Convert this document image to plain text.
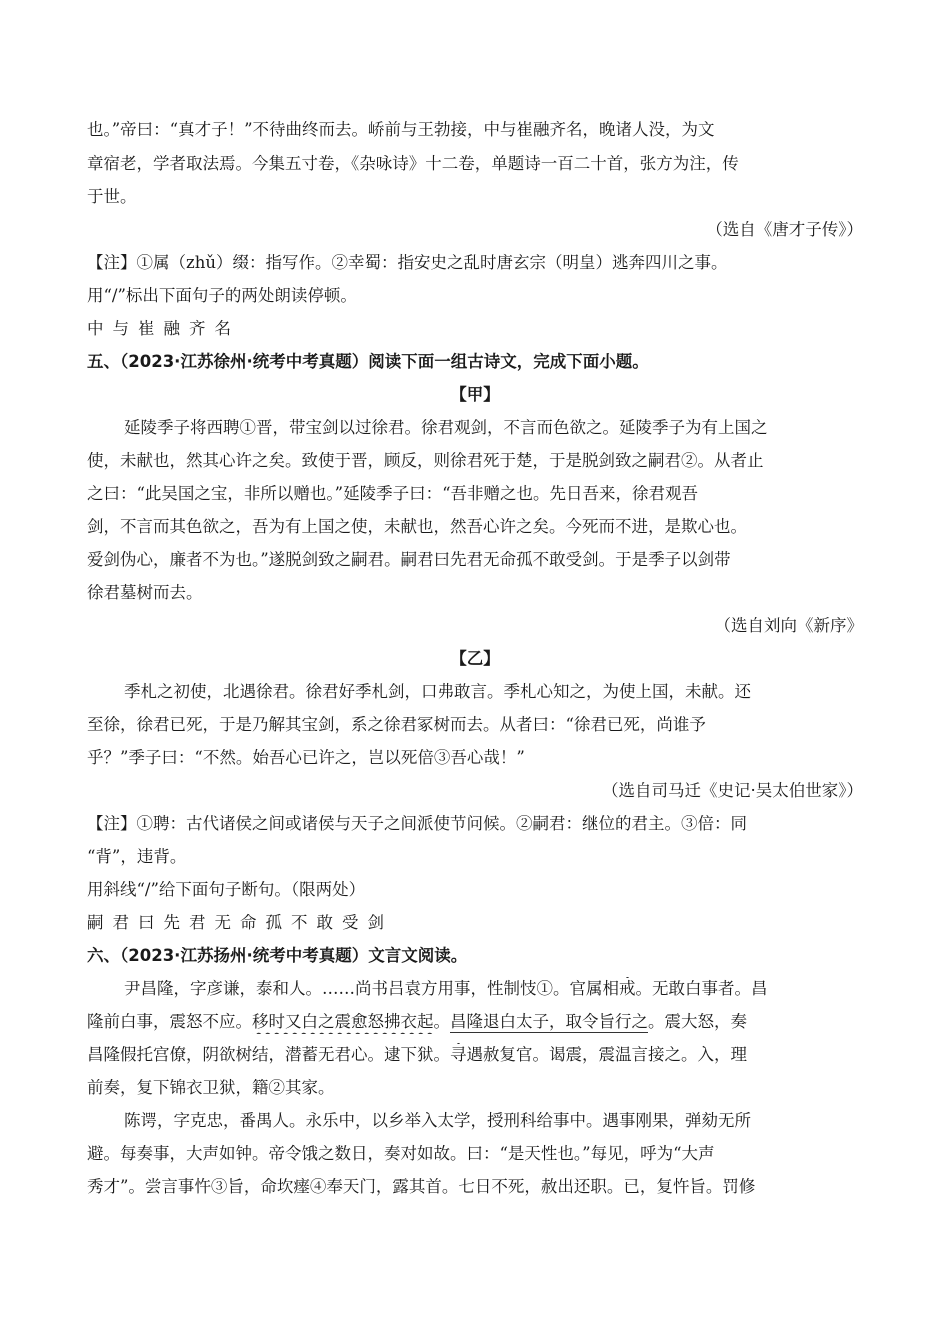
也。”帝曰：“真才子！”不待曲终而去。峤前与王勃接，中与崔融齐名，晚诸人没，为文
章宿老，学者取法焉。今集五寸卷，《杂咏诗》十二卷，单题诗一百二十首，张方为注，传
于世。
（选自《唐才子传》）
【注】①属（zhǔ）缀：指写作。②幸蜀：指安史之乱时唐玄宗（明皇）逃奔四川之事。
用“/”标出下面句子的两处朗读停顿。
中与崔融齐名
五、（2023·江苏徐州·统考中考真题）阅读下面一组古诗文，完成下面小题。
【甲】
延陵季子将西聘①晋，带宝剑以过徐君。徐君观剑，不言而色欲之。延陵季子为有上国之
使，未献也，然其心许之矣。致使于晋，顾反，则徐君死于楚，于是脱剑致之嗣君②。从者止
之曰：“此吴国之宝，非所以赠也。”延陵季子曰：“吾非赠之也。先日吾来，徐君观吾
剑，不言而其色欲之，吾为有上国之使，未献也，然吾心许之矣。今死而不进，是欺心也。
爱剑伪心，廉者不为也。”遂脱剑致之嗣君。嗣君曰先君无命孤不敢受剑。于是季子以剑带
徐君墓树而去。
（选自刘向《新序》
【乙】
季札之初使，北遇徐君。徐君好季札剑，口弗敢言。季札心知之，为使上国，未献。还
至徐，徐君已死，于是乃解其宝剑，系之徐君冢树而去。从者曰：“徐君已死，尚谁予
乎？”季子曰：“不然。始吾心已许之，岂以死倍③吾心哉！”
（选自司马迁《史记·吴太伯世家》）
【注】①聘：古代诸侯之间或诸侯与天子之间派使节问候。②嗣君：继位的君主。③倍：同
“背”，违背。
用斜线“/”给下面句子断句。（限两处）
嗣君曰先君无命孤不敢受剑
六、（2023·江苏扬州·统考中考真题）文言文阅读。
尹昌隆，字彦谦，泰和人。……尚书吕袁方用事，性制忮①。官属相戒。无敢白事者。昌
隆前白事，震怒不应。移时又白之震愈怒拂衣起。昌隆退白太子，取令旨行之。震大怒，奏
昌隆假托宫僚，阴欲树结，潜蓄无君心。逮下狱。寻遇赦复官。谒震，震温言接之。入，理
前奏，复下锦衣卫狱，籍②其家。
陈谔，字克忠，番禺人。永乐中，以乡举入太学，授刑科给事中。遇事刚果，弹劾无所
避。每奏事，大声如钟。帝令饿之数日，奏对如故。曰：“是天性也。”每见，呼为“大声
秀才”。尝言事忤③旨，命坎瘗④奉天门，露其首。七日不死，赦出还职。已，复忤旨。罚修
